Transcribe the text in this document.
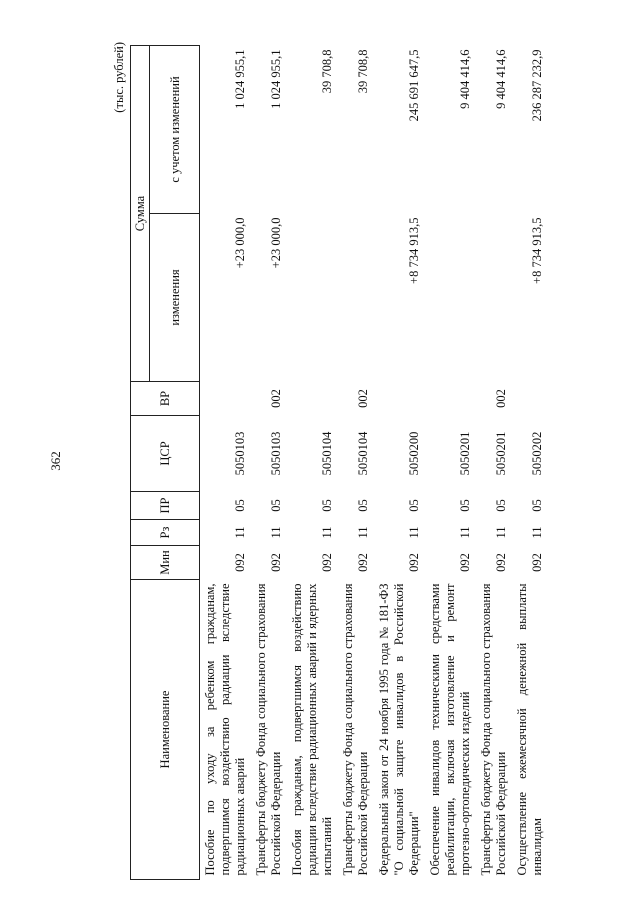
362
(тыс. рублей)
Наименование	Мин	Рз	ПР	ЦСР	ВР	Сумма	
						изменения	с учетом изменений
Пособие по уходу за ребенком гражданам, подвергшимся воздействию радиации вследствие радиационных аварий	092	11	05	5050103		+23 000,0	1 024 955,1
Трансферты бюджету Фонда социального страхования Российской Федерации	092	11	05	5050103	002	+23 000,0	1 024 955,1
Пособия гражданам, подвергшимся воздействию радиации вследствие радиационных аварий и ядерных испытаний	092	11	05	5050104			39 708,8
Трансферты бюджету Фонда социального страхования Российской Федерации	092	11	05	5050104	002		39 708,8
Федеральный закон от 24 ноября 1995 года № 181-ФЗ "О социальной защите инвалидов в Российской Федерации"	092	11	05	5050200		+8 734 913,5	245 691 647,5
Обеспечение инвалидов техническими средствами реабилитации, включая изготовление и ремонт протезно-ортопедических изделий	092	11	05	5050201			9 404 414,6
Трансферты бюджету Фонда социального страхования Российской Федерации	092	11	05	5050201	002		9 404 414,6
Осуществление ежемесячной денежной выплаты инвалидам	092	11	05	5050202		+8 734 913,5	236 287 232,9
